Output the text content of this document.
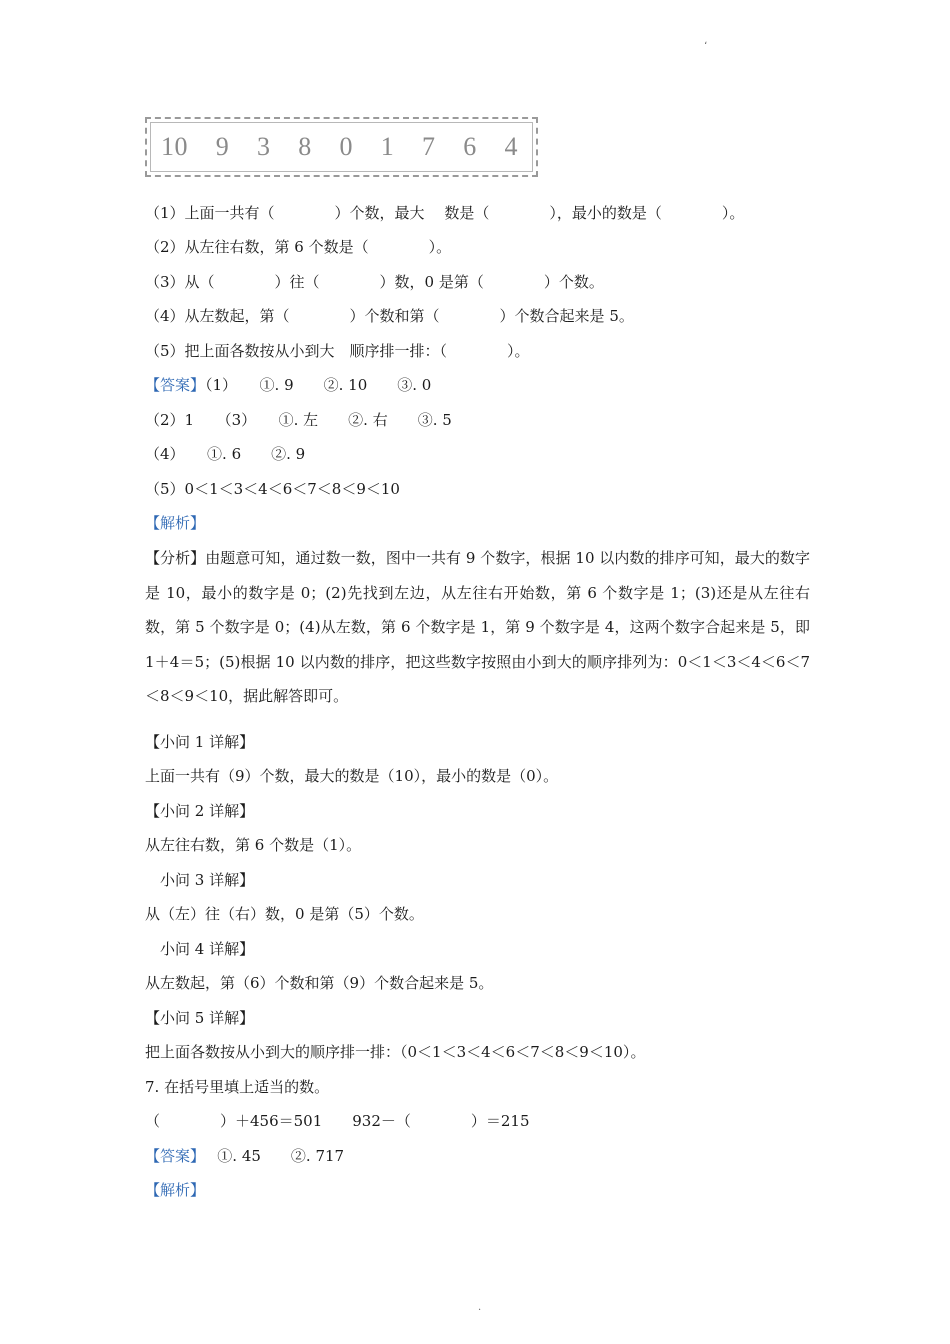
،
10 9 3 8 0 1 7 6 4
（1）上面一共有（　　　　）个数，最大　 数是（　　　　），最小的数是（　　　　）。
（2）从左往右数，第 6 个数是（　　　　）。
（3）从（　　　　）往（　　　　）数，0 是第（　　　　）个数。
（4）从左数起，第（　　　　）个数和第（　　　　）个数合起来是 5。
（5）把上面各数按从小到大　顺序排一排：（　　　　）。
【答案】（1）　　①. 9　　②. 10　　③. 0
（2）1　　（3）　　①. 左　　②. 右　　③. 5
（4）　　①. 6　　②. 9
（5）0＜1＜3＜4＜6＜7＜8＜9＜10
【解析】
【分析】由题意可知，通过数一数，图中一共有 9 个数字，根据 10 以内数的排序可知，最大的数字是 10，最小的数字是 0；(2)先找到左边，从左往右开始数，第 6 个数字是 1；(3)还是从左往右数，第 5 个数字是 0；(4)从左数，第 6 个数字是 1，第 9 个数字是 4，这两个数字合起来是 5，即 1＋4＝5；(5)根据 10 以内数的排序，把这些数字按照由小到大的顺序排列为：0＜1＜3＜4＜6＜7＜8＜9＜10，据此解答即可。
【小问 1 详解】
上面一共有（9）个数，最大的数是（10），最小的数是（0）。
【小问 2 详解】
从左往右数，第 6 个数是（1）。
　小问 3 详解】
从（左）往（右）数，0 是第（5）个数。
　小问 4 详解】
从左数起，第（6）个数和第（9）个数合起来是 5。
【小问 5 详解】
把上面各数按从小到大的顺序排一排：（0＜1＜3＜4＜6＜7＜8＜9＜10）。
7. 在括号里填上适当的数。
（　　　　）＋456＝501　　932－（　　　　）＝215
【答案】　 ①. 45　　②. 717
【解析】
.
